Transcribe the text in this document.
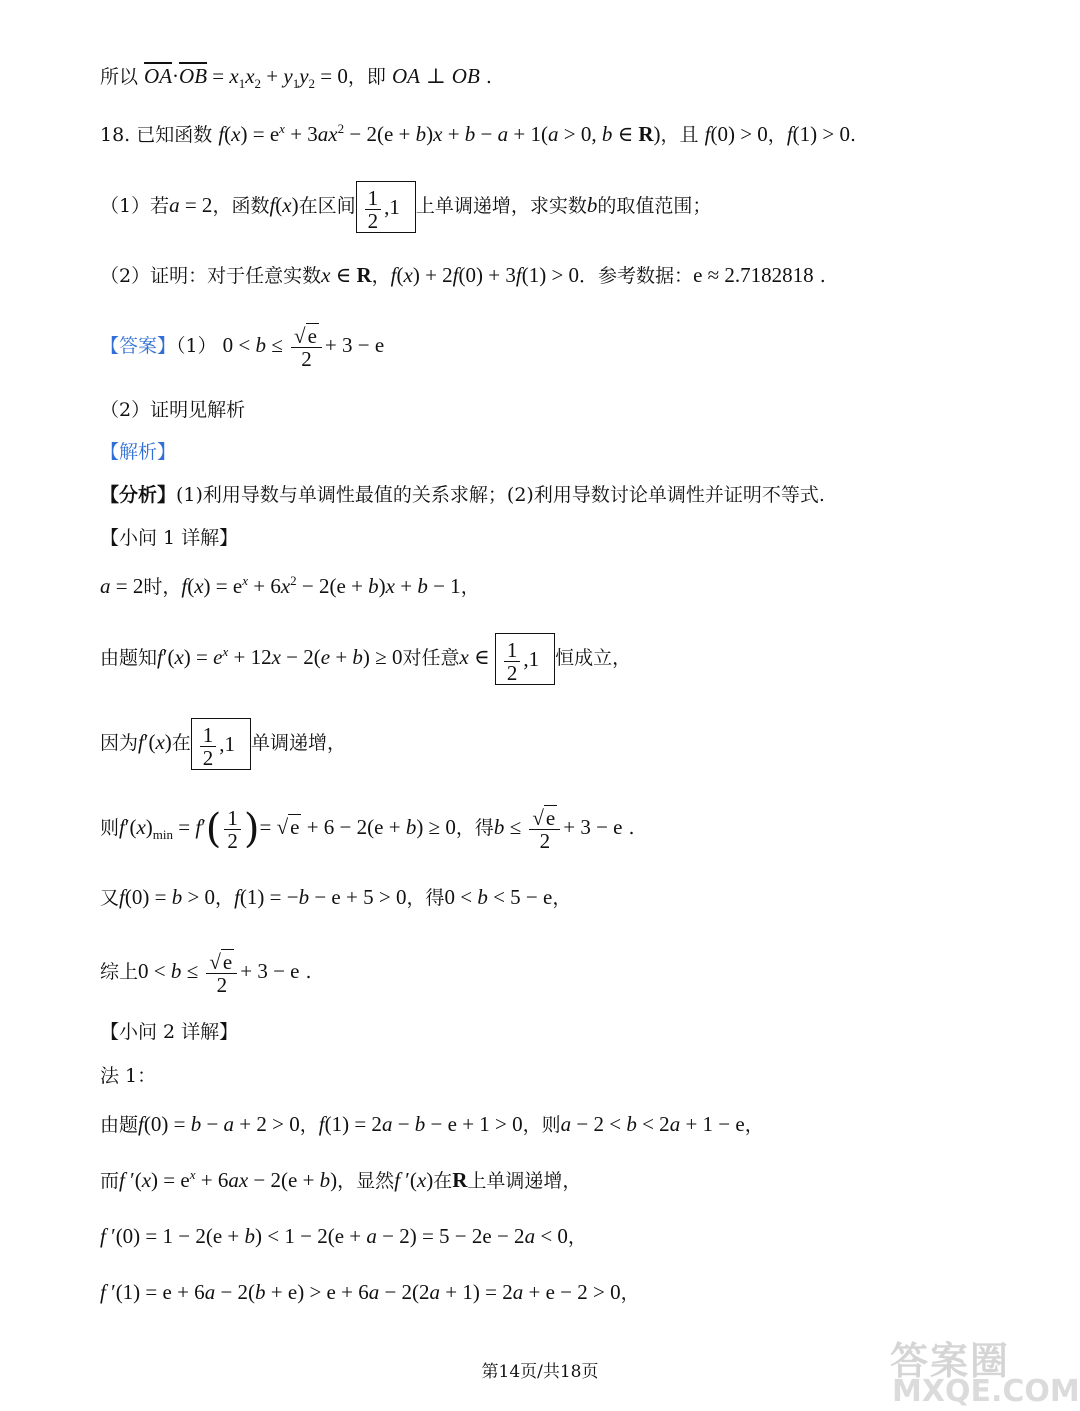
所以 $\overline{OA}\cdot\overline{OB} = x_1x_2 + y_1y_2 = 0$，即 OA ⊥ OB .
18. 已知函数 $f(x) = e^x + 3ax^2 - 2(e + b)x + b - a + 1(a > 0$, b ∈ R)，且 f(0) > 0，f(1) > 0.
（1）若a = 2，函数f(x)在区间 $\frac{1}{2} ,1$ 上单调递增，求实数b的取值范围；
（2）证明：对于任意实数x ∈ R，f(x) + 2f(0) + 3f(1) > 0．参考数据：e ≈ 2.7182818 .
【答案】（1） $0 < b \le \frac{√e}{2} + 3 - e$
（2）证明见解析
【解析】
【分析】(1)利用导数与单调性最值的关系求解；(2)利用导数讨论单调性并证明不等式.
【小问 1 详解】
a = 2时，$f(x) = e^x + 6x^2 - 2(e + b)x + b - 1$，
由题知$f'(x) = e^x + 12x - 2(e + b) \ge 0$对任意x ∈ $\frac{1}{2} ,1$ 恒成立，
因为f′(x)在 $\frac{1}{2} ,1$ 单调递增，
则$f'(x)_{min} = f'( \frac{1}{2}$ )= √e + 6 − 2(e + b) ≥ 0，得$b \le \frac{√e}{2} + 3 - e$ .
又f(0) = b > 0，f(1) = −b − e + 5 > 0，得0 < b < 5 − e，
综上$0 < b \le \frac{√e}{2} + 3 - e$ .
【小问 2 详解】
法 1：
由题f(0) = b − a + 2 > 0，f(1) = 2a − b − e + 1 > 0，则a − 2 < b < 2a + 1 − e，
而f $'(x) = e^x + 6ax - 2(e + b)$，显然f ′(x)在R上单调递增，
f ′(0) = 1 − 2(e + b) < 1 − 2(e + a − 2) = 5 − 2e − 2a < 0，
f ′(1) = e + 6a − 2(b + e) > e + 6a − 2(2a + 1) = 2a + e − 2 > 0，
第14页/共18页	答案圈
MXQE.COM
